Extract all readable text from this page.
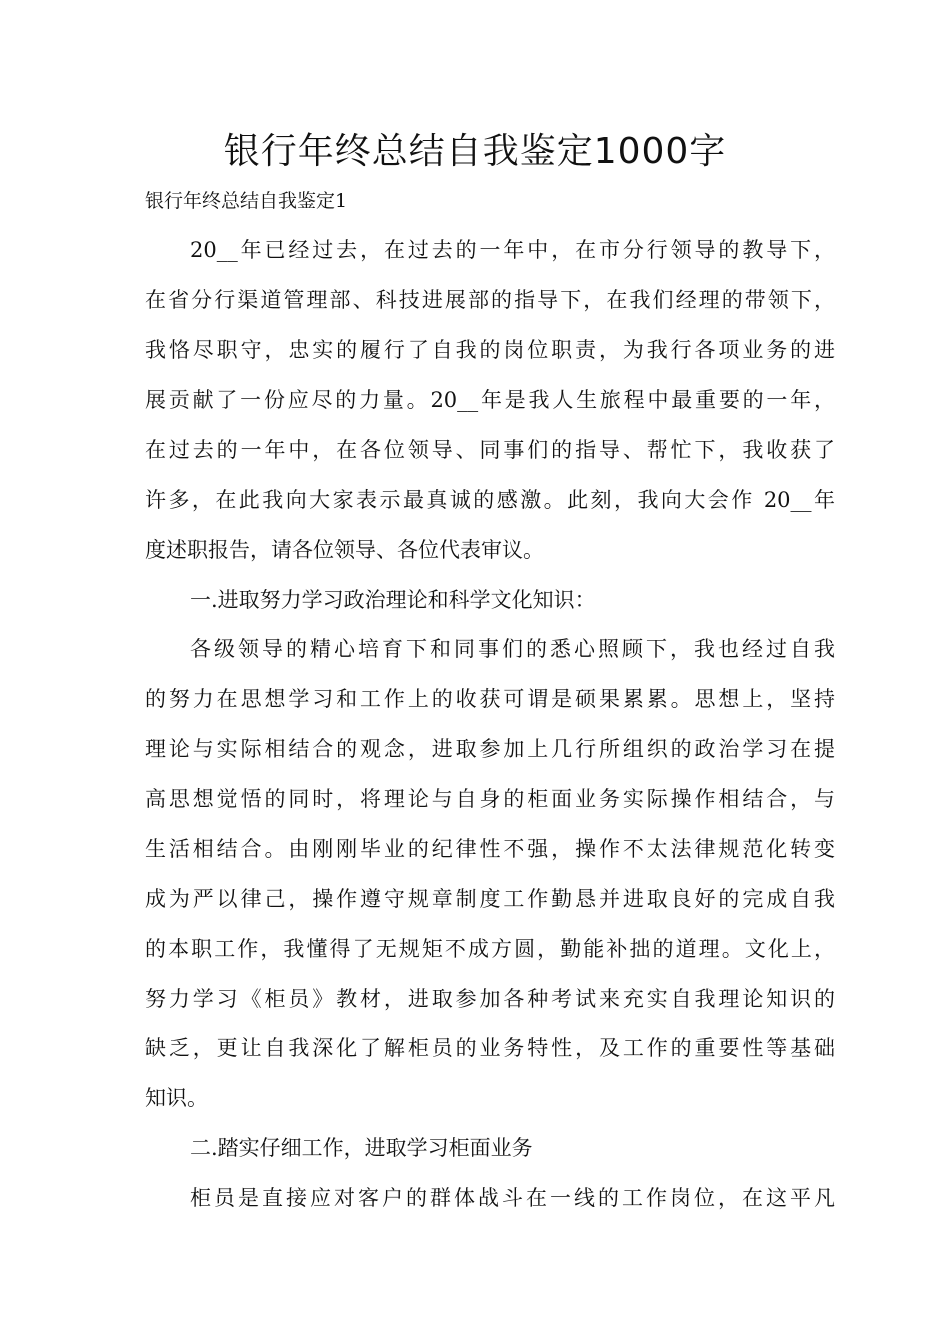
银行年终总结自我鉴定1000字

银行年终总结自我鉴定1

20__年已经过去，在过去的一年中，在市分行领导的教导下，

在省分行渠道管理部、科技进展部的指导下，在我们经理的带领下，

我恪尽职守，忠实的履行了自我的岗位职责，为我行各项业务的进

展贡献了一份应尽的力量。20__年是我人生旅程中最重要的一年，

在过去的一年中，在各位领导、同事们的指导、帮忙下，我收获了

许多，在此我向大家表示最真诚的感激。此刻，我向大会作 20__年

度述职报告，请各位领导、各位代表审议。

一.进取努力学习政治理论和科学文化知识：

各级领导的精心培育下和同事们的悉心照顾下，我也经过自我

的努力在思想学习和工作上的收获可谓是硕果累累。思想上，坚持

理论与实际相结合的观念，进取参加上几行所组织的政治学习在提

高思想觉悟的同时，将理论与自身的柜面业务实际操作相结合，与

生活相结合。由刚刚毕业的纪律性不强，操作不太法律规范化转变

成为严以律己，操作遵守规章制度工作勤恳并进取良好的完成自我

的本职工作，我懂得了无规矩不成方圆，勤能补拙的道理。文化上，

努力学习《柜员》教材，进取参加各种考试来充实自我理论知识的

缺乏，更让自我深化了解柜员的业务特性，及工作的重要性等基础

知识。

二.踏实仔细工作，进取学习柜面业务

柜员是直接应对客户的群体战斗在一线的工作岗位，在这平凡
